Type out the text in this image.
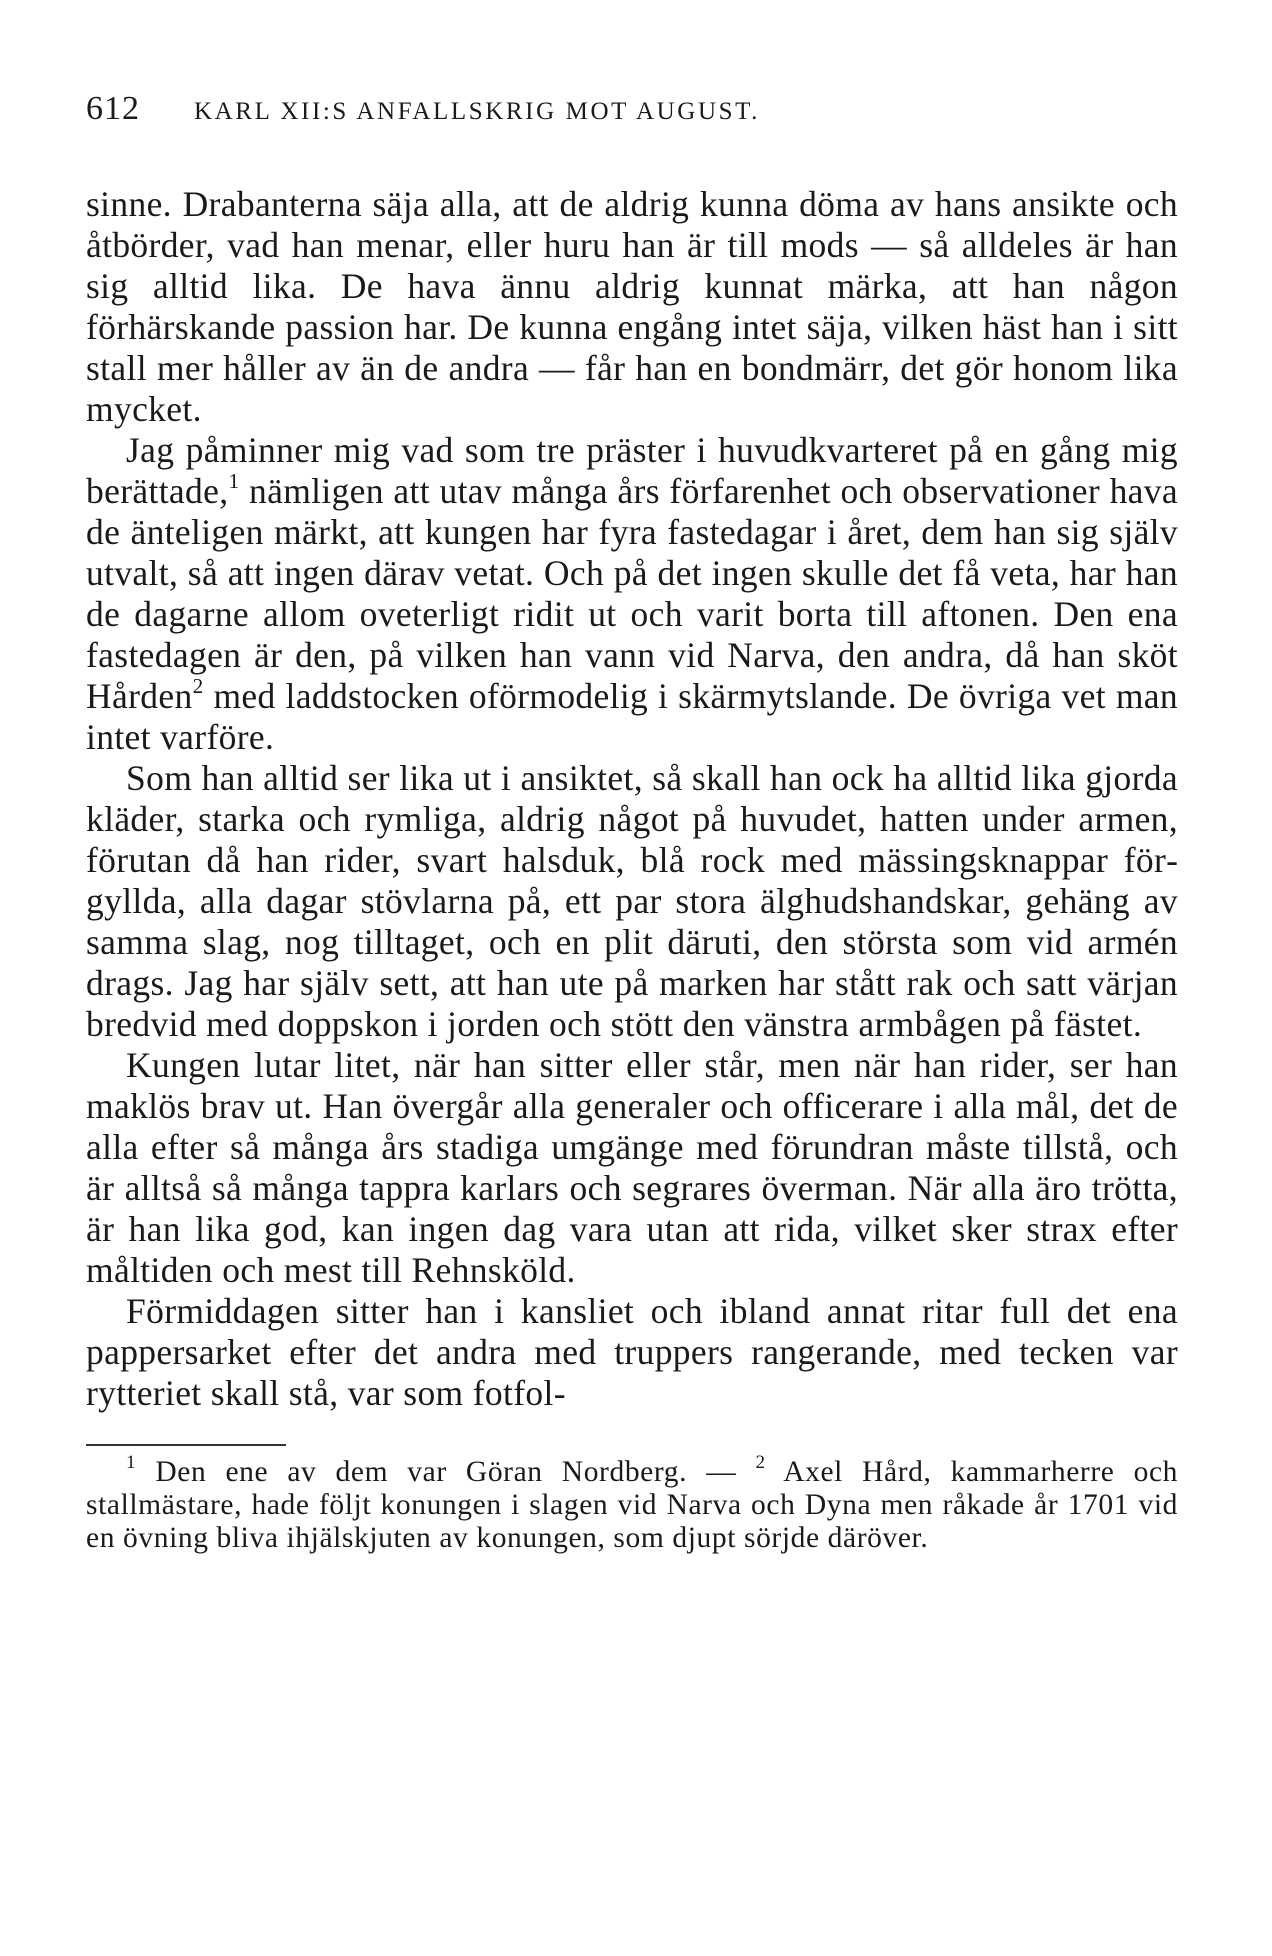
612 KARL XII:S ANFALLSKRIG MOT AUGUST.

sinne. Drabanterna säja alla, att de aldrig kunna döma av hans ansikte och åtbörder, vad han menar, eller huru han är till mods — så alldeles är han sig alltid lika. De hava ännu aldrig kunnat märka, att han någon förhärskande passion har. De kunna engång intet säja, vilken häst han i sitt stall mer håller av än de andra — får han en bondmärr, det gör honom lika mycket.

Jag påminner mig vad som tre präster i huvudkvarteret på en gång mig berättade,$^1$ nämligen att utav många års förfarenhet och observationer hava de änteligen märkt, att kungen har fyra fastedagar i året, dem han sig själv utvalt, så att ingen därav vetat. Och på det ingen skulle det få veta, har han de dagarne allom oveterligt ridit ut och varit borta till aftonen. Den ena fastedagen är den, på vilken han vann vid Narva, den andra, då han sköt Hården$^2$ med laddstocken oförmodelig i skärmytslande. De övriga vet man intet varföre.

Som han alltid ser lika ut i ansiktet, så skall han ock ha alltid lika gjorda kläder, starka och rymliga, aldrig något på huvudet, hatten under armen, förutan då han rider, svart halsduk, blå rock med mässingsknappar förgyllda, alla dagar stövlarna på, ett par stora älghudshandskar, gehäng av samma slag, nog tilltaget, och en plit däruti, den största som vid armén drags. Jag har själv sett, att han ute på marken har stått rak och satt värjan bredvid med doppskon i jorden och stött den vänstra armbågen på fästet.

Kungen lutar litet, när han sitter eller står, men när han rider, ser han maklös brav ut. Han övergår alla generaler och officerare i alla mål, det de alla efter så många års stadiga umgänge med förundran måste tillstå, och är alltså så många tappra karlars och segrares överman. När alla äro trötta, är han lika god, kan ingen dag vara utan att rida, vilket sker strax efter måltiden och mest till Rehnsköld.

Förmiddagen sitter han i kansliet och ibland annat ritar full det ena pappersarket efter det andra med truppers rangerande, med tecken var rytteriet skall stå, var som fotfol-

$^1$ Den ene av dem var Göran Nordberg. — $^2$ Axel Hård, kammarherre och stallmästare, hade följt konungen i slagen vid Narva och Dyna men råkade år 1701 vid en övning bliva ihjälskjuten av konungen, som djupt sörjde däröver.
